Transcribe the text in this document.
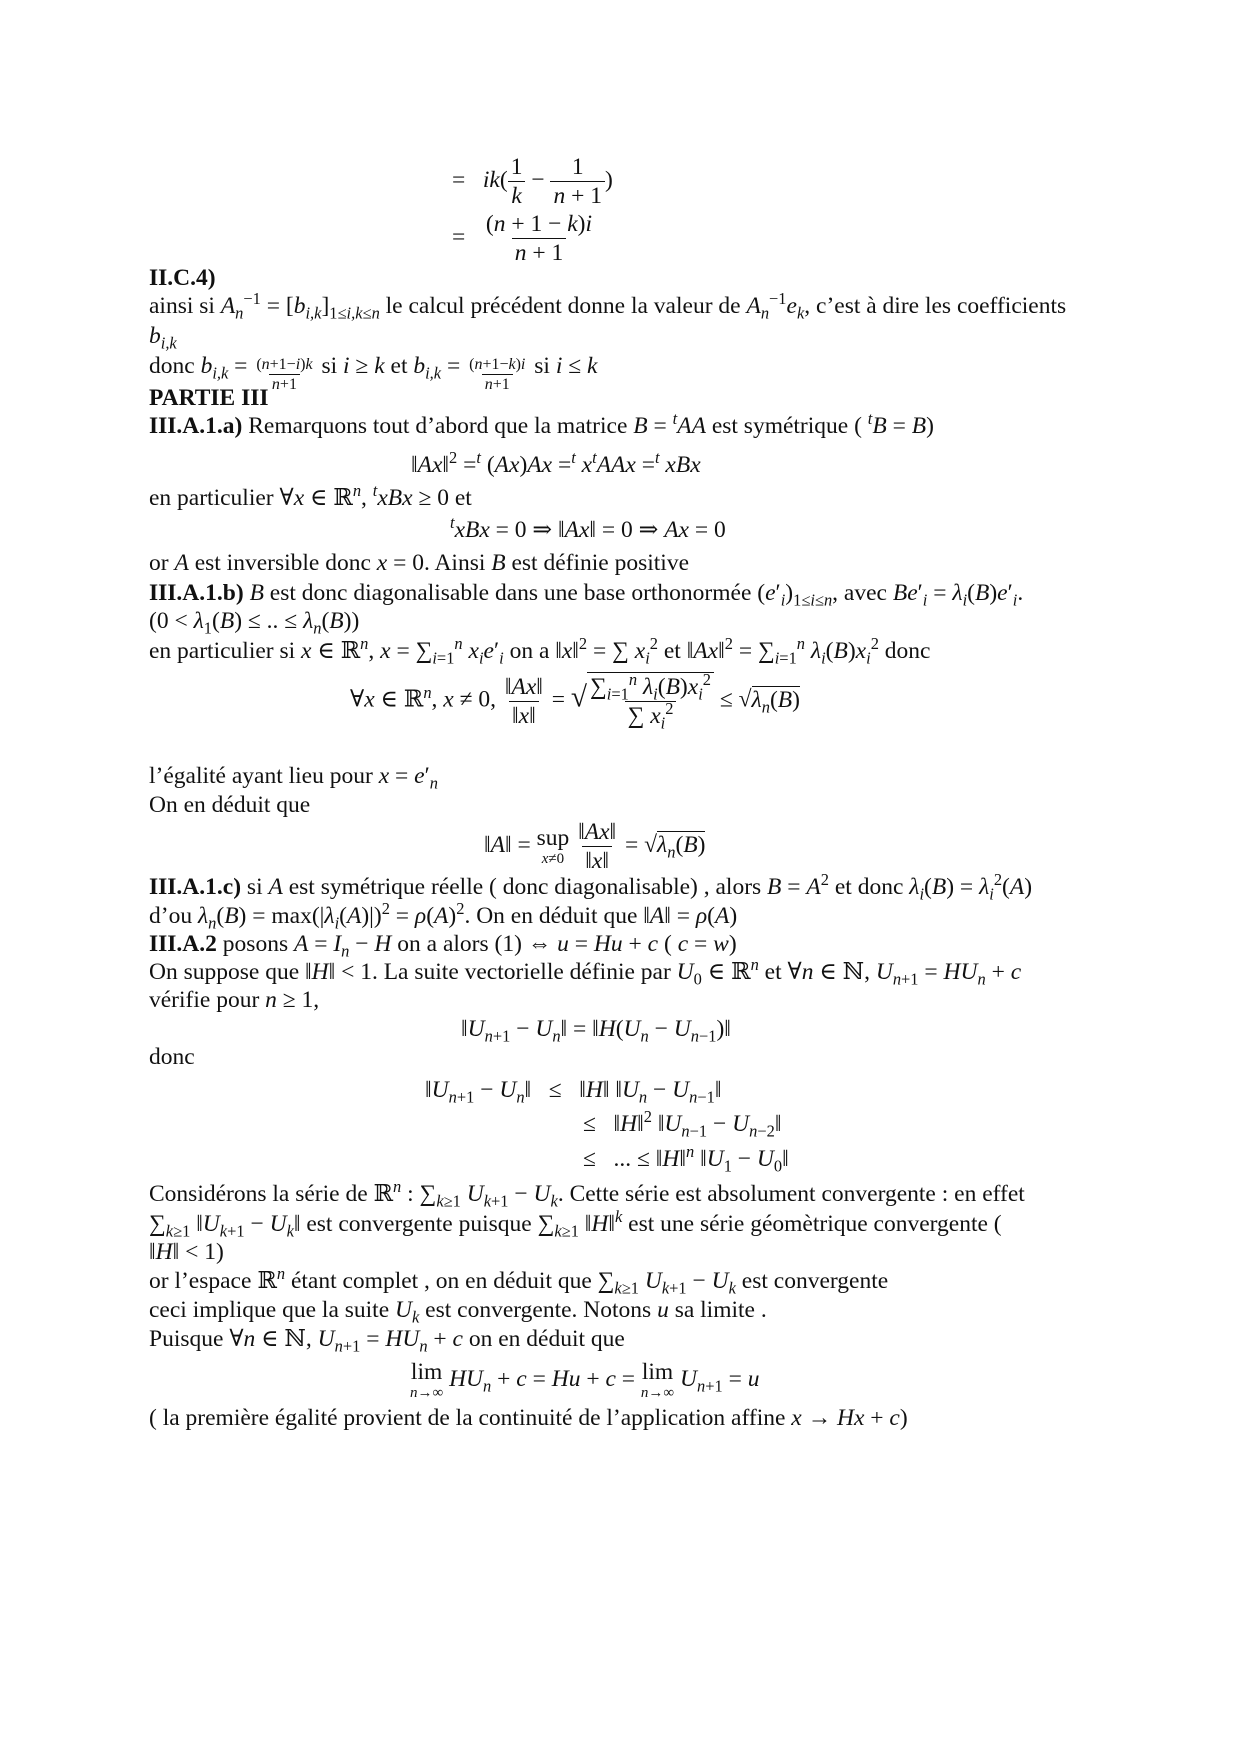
=   $ik( \frac{1}{k} - \frac{1}{n + 1}$ )
= $\frac{(n + 1 - k)i}{n + 1}$
II.C.4)
ainsi si $A_n^{-1} = [b_{i,k}]_{1\le i,k\le n}$ le calcul précédent donne la valeur de $A_n^{-1}e_k$, c’est à dire les coefficients
$b_{i,k}$
donc $b_{i,k} = \frac{(n+1-i)k}{n+1}$ si i ≥ k et $b_{i,k} = \frac{(n+1-k)i}{n+1}$ si i ≤ k
PARTIE III
III.A.1.a) Remarquons tout d’abord que la matrice B = $^t$AA est symétrique ( $^t$B = B)
‖Ax‖$^2$ =$^t$ (Ax)Ax =$^t$ $x^tAAx =^t$ xBx
en particulier ∀x ∈ ℝ$^n$, $^t$xBx ≥ 0 et
$^t$xBx = 0 ⇒ ‖Ax‖ = 0 ⇒ Ax = 0
or A est inversible donc x = 0. Ainsi B est définie positive
III.A.1.b) B est donc diagonalisable dans une base orthonormée $(e'_i)_{1\le i\le n}$, avec $Be'_i = \lambda_i(B)e'_i$.
($0 < \lambda_1(B)$ ≤ .. ≤ $\lambda_n(B)$)
en particulier si x ∈ ℝ$^n$, $x = \sum_{i=1}^n$ $x_ie'_i$ on a ‖x‖$^2$ = ∑ $x_i^2$ et ‖Ax‖$^2$ = $\sum_{i=1}^n$ $\lambda_i(B)x_i^2$ donc
∀x ∈ ℝ$^n$, x ≠ 0, $\frac{‖Ax‖}{‖x‖}$ = √ $\frac{\sum_{i=1}^n \lambda_i(B)x_i^2}{\sum x_i^2} \le √\lambda_n(B)$
l’égalité ayant lieu pour $x = e'_n$
On en déduit que
‖A‖ = sup
x≠0
$\frac{‖Ax‖}{‖x‖} = √\lambda_n(B)$
III.A.1.c) si A est symétrique réelle ( donc diagonalisable) , alors $B = A^2$ et donc $\lambda_i(B) = \lambda_i^2(A)$
d’ou $\lambda_n(B) = \max(|\lambda_i(A)|)^2 = \rho(A)^2$. On en déduit que ‖A‖ = ρ(A)
III.A.2 posons $A = I_n - H$ on a alors (1) ⇔ u = Hu + c ( c = w)
On suppose que ‖H‖ < 1. La suite vectorielle définie par $U_0$ ∈ ℝ$^n$ et ∀n ∈ ℕ, $U_{n+1} = HU_n + c$
vérifie pour n ≥ 1,
$‖U_{n+1}$ − $U_n‖$ = $‖H(U_n$ − $U_{n-1})‖$
donc
$‖U_{n+1}$ − $U_n‖$   ≤   ‖H‖ $‖U_n$ − $U_{n-1}‖$
≤   ‖H‖$^2$ $‖U_{n-1}$ − $U_{n-2}‖$
≤   ... ≤ ‖H‖$^n$ $‖U_1$ − $U_0‖$
Considérons la série de ℝ$^n$ : $\sum_{k\ge 1}$ $U_{k+1} - U_k$. Cette série est absolument convergente : en effet
$\sum_{k\ge 1}$ $‖U_{k+1}$ − $U_k‖$ est convergente puisque $\sum_{k\ge 1}$ ‖H‖$^k$ est une série géomètrique convergente (
‖H‖ < 1)
or l’espace ℝ$^n$ étant complet , on en déduit que $\sum_{k\ge 1}$ $U_{k+1} - U_k$ est convergente
ceci implique que la suite $U_k$ est convergente. Notons u sa limite .
Puisque ∀n ∈ ℕ, $U_{n+1} = HU_n + c$ on en déduit que
lim
n→∞
$HU_n + c = Hu + c = \lim$
n→∞
$U_{n+1} = u$
( la première égalité provient de la continuité de l’application affine x → Hx + c)
